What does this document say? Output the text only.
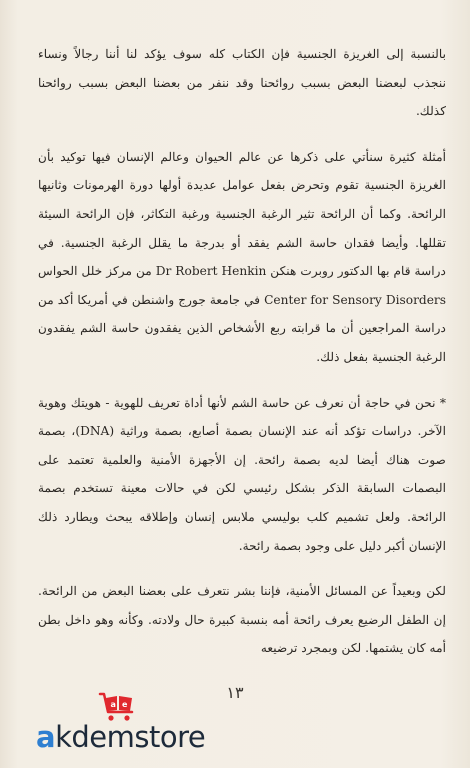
بالنسبة إلى الغريزة الجنسية فإن الكتاب كله سوف يؤكد لنا أننا رجالاً ونساء ننجذب لبعضنا البعض بسبب روائحنا وقد ننفر من بعضنا البعض بسبب روائحنا كذلك.

أمثلة كثيرة سنأتي على ذكرها عن عالم الحيوان وعالم الإنسان فيها توكيد بأن الغريزة الجنسية تقوم وتحرض بفعل عوامل عديدة أولها دورة الهرمونات وثانيها الرائحة. وكما أن الرائحة تثير الرغبة الجنسية ورغبة التكاثر، فإن الرائحة السيئة تقللها. وأيضا فقدان حاسة الشم يفقد أو بدرجة ما يقلل الرغبة الجنسية. في دراسة قام بها الدكتور روبرت هنكن Dr Robert Henkin من مركز خلل الحواس Center for Sensory Disorders في جامعة جورج واشنطن في أمريكا أكد من دراسة المراجعين أن ما قرابته ربع الأشخاص الذين يفقدون حاسة الشم يفقدون الرغبة الجنسية بفعل ذلك.

* نحن في حاجة أن نعرف عن حاسة الشم لأنها أداة تعريف للهوية - هويتك وهوية الآخر. دراسات تؤكد أنه عند الإنسان بصمة أصابع، بصمة وراثية (DNA)، بصمة صوت هناك أيضا لديه بصمة رائحة. إن الأجهزة الأمنية والعلمية تعتمد على البصمات السابقة الذكر بشكل رئيسي لكن في حالات معينة تستخدم بصمة الرائحة. ولعل تشميم كلب بوليسي ملابس إنسان وإطلاقه يبحث ويطارد ذلك الإنسان أكبر دليل على وجود بصمة رائحة.

لكن وبعيداً عن المسائل الأمنية، فإننا بشر نتعرف على بعضنا البعض من الرائحة. إن الطفل الرضيع يعرف رائحة أمه بنسبة كبيرة حال ولادته. وكأنه وهو داخل بطن أمه كان يشتمها. لكن وبمجرد ترضيعه

١٣
a e
akdemstore
